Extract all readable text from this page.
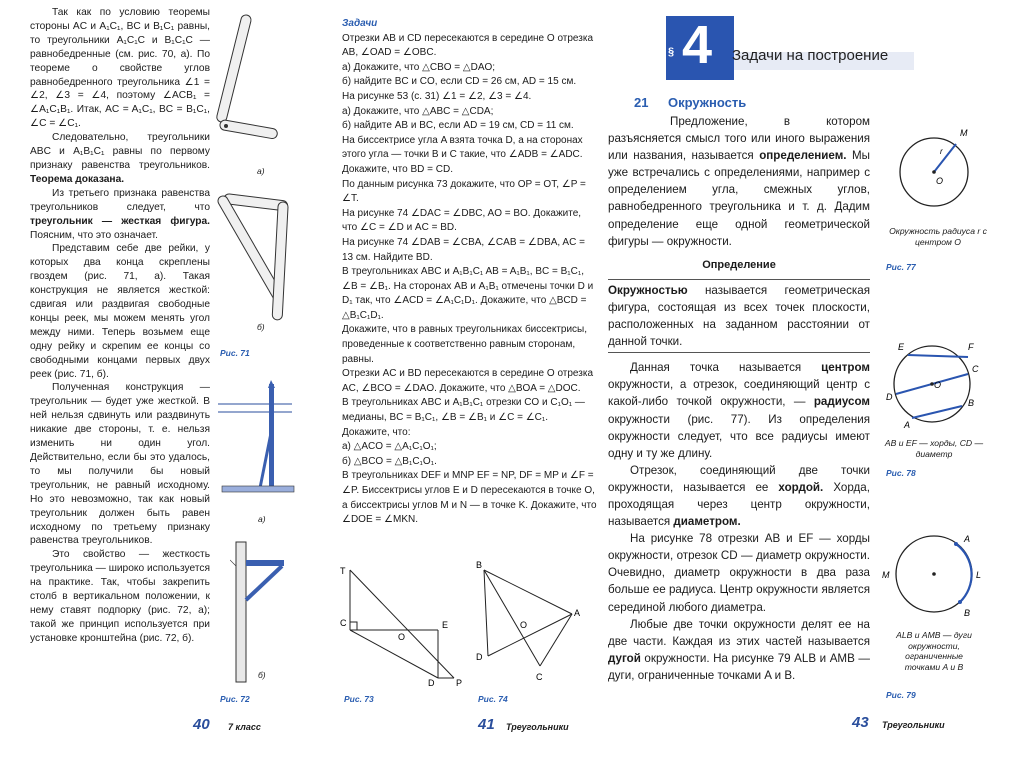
Так как по условию теоремы стороны AC и A₁C₁, BC и B₁C₁ равны, то треугольники A₁C₁C и B₁C₁C — равнобедренные (см. рис. 70, а). По теореме о свойстве углов равнобедренного треугольника ∠1 = ∠2, ∠3 = ∠4, поэтому ∠ACB₁ = ∠A₁C₁B₁. Итак, AC = A₁C₁, BC = B₁C₁, ∠C = ∠C₁.

Следовательно, треугольники ABC и A₁B₁C₁ равны по первому признаку равенства треугольников. Теорема доказана.

Из третьего признака равенства треугольников следует, что треугольник — жесткая фигура. Поясним, что это означает.

Представим себе две рейки, у которых два конца скреплены гвоздем (рис. 71, а). Такая конструкция не является жесткой: сдвигая или раздвигая свободные концы реек, мы можем менять угол между ними. Теперь возьмем еще одну рейку и скрепим ее концы со свободными концами первых двух реек (рис. 71, б).

Полученная конструкция — треугольник — будет уже жесткой. В ней нельзя сдвинуть или раздвинуть никакие две стороны, т. е. нельзя изменить ни один угол. Действительно, если бы это удалось, то мы получили бы новый треугольник, не равный исходному. Но это невозможно, так как новый треугольник должен быть равен исходному по третьему признаку равенства треугольников.

Это свойство — жесткость треугольника — широко используется на практике. Так, чтобы закрепить столб в вертикальном положении, к нему ставят подпорку (рис. 72, а); такой же принцип используется при установке кронштейна (рис. 72, б).

а)
б)
Рис. 71
а)
б)
Рис. 72
40 7 класс

Задачи

Отрезки AB и CD пересекаются в середине O отрезка AB, ∠OAD = ∠OBC.

а) Докажите, что △CBO = △DAO;

б) найдите BC и CO, если CD = 26 см, AD = 15 см.

На рисунке 53 (с. 31) ∠1 = ∠2, ∠3 = ∠4.

а) Докажите, что △ABC = △CDA;

б) найдите AB и BC, если AD = 19 см, CD = 11 см.

На биссектрисе угла A взята точка D, а на сторонах этого угла — точки B и C такие, что ∠ADB = ∠ADC. Докажите, что BD = CD.

По данным рисунка 73 докажите, что OP = OT, ∠P = ∠T.

На рисунке 74 ∠DAC = ∠DBC, AO = BO. Докажите, что ∠C = ∠D и AC = BD.

На рисунке 74 ∠DAB = ∠CBA, ∠CAB = ∠DBA, AC = 13 см. Найдите BD.

В треугольниках ABC и A₁B₁C₁ AB = A₁B₁, BC = B₁C₁, ∠B = ∠B₁. На сторонах AB и A₁B₁ отмечены точки D и D₁ так, что ∠ACD = ∠A₁C₁D₁. Докажите, что △BCD = △B₁C₁D₁.

Докажите, что в равных треугольниках биссектрисы, проведенные к соответственно равным сторонам, равны.

Отрезки AC и BD пересекаются в середине O отрезка AC, ∠BCO = ∠DAO. Докажите, что △BOA = △DOC.

В треугольниках ABC и A₁B₁C₁ отрезки CO и C₁O₁ — медианы, BC = B₁C₁, ∠B = ∠B₁ и ∠C = ∠C₁. Докажите, что:

а) △ACO = △A₁C₁O₁;

б) △BCO = △B₁C₁O₁.

В треугольниках DEF и MNP EF = NP, DF = MP и ∠F = ∠P. Биссектрисы углов E и D пересекаются в точке O, а биссектрисы углов M и N — в точке K. Докажите, что ∠DOE = ∠MKN.

T
C
O
E
D P
Рис. 73
B
D
O
A
C
Рис. 74
41 Треугольники
§ 4 Задачи на построение
21 Окружность

Предложение, в котором разъясняется смысл того или иного выражения или названия, называется определением. Мы уже встречались с определениями, например с определением угла, смежных углов, равнобедренного треугольника и т. д. Дадим определение еще одной геометрической фигуры — окружности.

Определение

Окружностью называется геометрическая фигура, состоящая из всех точек плоскости, расположенных на заданном расстоянии от данной точки.

Данная точка называется центром окружности, а отрезок, соединяющий центр с какой-либо точкой окружности, — радиусом окружности (рис. 77). Из определения окружности следует, что все радиусы имеют одну и ту же длину.

Отрезок, соединяющий две точки окружности, называется ее хордой. Хорда, проходящая через центр окружности, называется диаметром.

На рисунке 78 отрезки AB и EF — хорды окружности, отрезок CD — диаметр окружности. Очевидно, диаметр окружности в два раза больше ее радиуса. Центр окружности является серединой любого диаметра.

Любые две точки окружности делят ее на две части. Каждая из этих частей называется дугой окружности. На рисунке 79 ALB и AMB — дуги, ограниченные точками A и B.

M
r
O
Окружность радиуса r с центром O
Рис. 77
E	F
O
D
C
A
B
AB и EF — хорды, CD — диаметр
Рис. 78
A
M	L
B
ALB и AMB — дуги окружности, ограниченные точками A и B
Рис. 79
43 Треугольники
